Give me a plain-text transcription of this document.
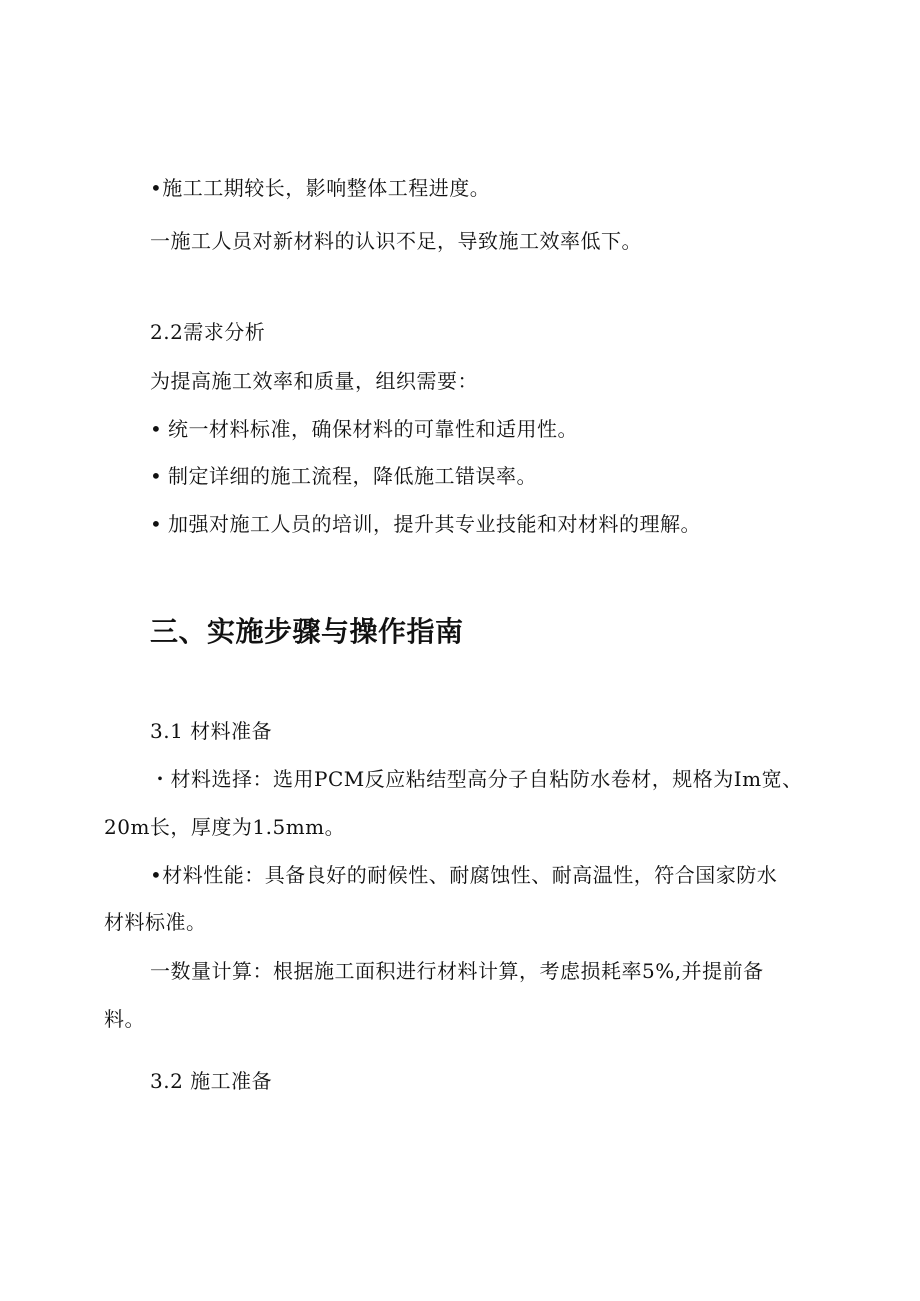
•施工工期较长，影响整体工程进度。
一施工人员对新材料的认识不足，导致施工效率低下。
2.2需求分析
为提高施工效率和质量，组织需要：
• 统一材料标准，确保材料的可靠性和适用性。
• 制定详细的施工流程，降低施工错误率。
• 加强对施工人员的培训，提升其专业技能和对材料的理解。
三、实施步骤与操作指南
3.1 材料准备
・材料选择：选用PCM反应粘结型高分子自粘防水卷材，规格为Im宽、
20m长，厚度为1.5mm。
•材料性能：具备良好的耐候性、耐腐蚀性、耐高温性，符合国家防水
材料标准。
一数量计算：根据施工面积进行材料计算，考虑损耗率5%,并提前备
料。
3.2 施工准备
